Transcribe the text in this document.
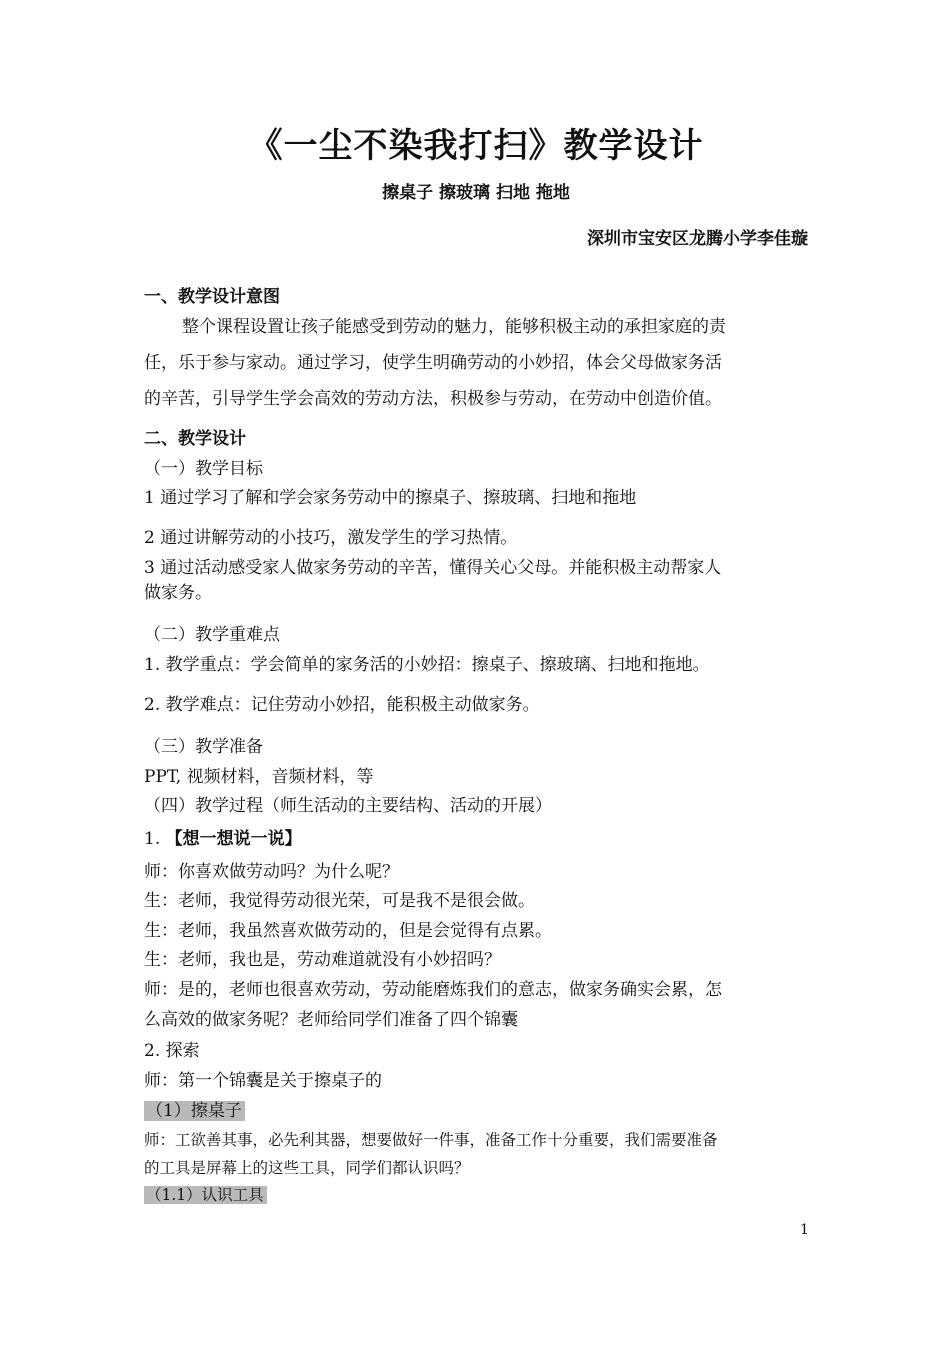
《一尘不染我打扫》教学设计
擦桌子 擦玻璃 扫地 拖地
深圳市宝安区龙腾小学李佳璇
一、教学设计意图
整个课程设置让孩子能感受到劳动的魅力，能够积极主动的承担家庭的责
任，乐于参与家动。通过学习，使学生明确劳动的小妙招，体会父母做家务活
的辛苦，引导学生学会高效的劳动方法，积极参与劳动，在劳动中创造价值。
二、教学设计
（一）教学目标
1 通过学习了解和学会家务劳动中的擦桌子、擦玻璃、扫地和拖地
2 通过讲解劳动的小技巧，激发学生的学习热情。
3 通过活动感受家人做家务劳动的辛苦，懂得关心父母。并能积极主动帮家人
做家务。
（二）教学重难点
1. 教学重点：学会简单的家务活的小妙招：擦桌子、擦玻璃、扫地和拖地。
2. 教学难点：记住劳动小妙招，能积极主动做家务。
（三）教学准备
PPT, 视频材料，音频材料，等
（四）教学过程（师生活动的主要结构、活动的开展）
1. 【想一想说一说】
师：你喜欢做劳动吗？为什么呢？
生：老师，我觉得劳动很光荣，可是我不是很会做。
生：老师，我虽然喜欢做劳动的，但是会觉得有点累。
生：老师，我也是，劳动难道就没有小妙招吗？
师：是的，老师也很喜欢劳动，劳动能磨炼我们的意志，做家务确实会累，怎
么高效的做家务呢？老师给同学们准备了四个锦囊
2. 探索
师：第一个锦囊是关于擦桌子的
（1）擦桌子
师：工欲善其事，必先利其器，想要做好一件事，准备工作十分重要，我们需要准备
的工具是屏幕上的这些工具，同学们都认识吗？
（1.1）认识工具
1
